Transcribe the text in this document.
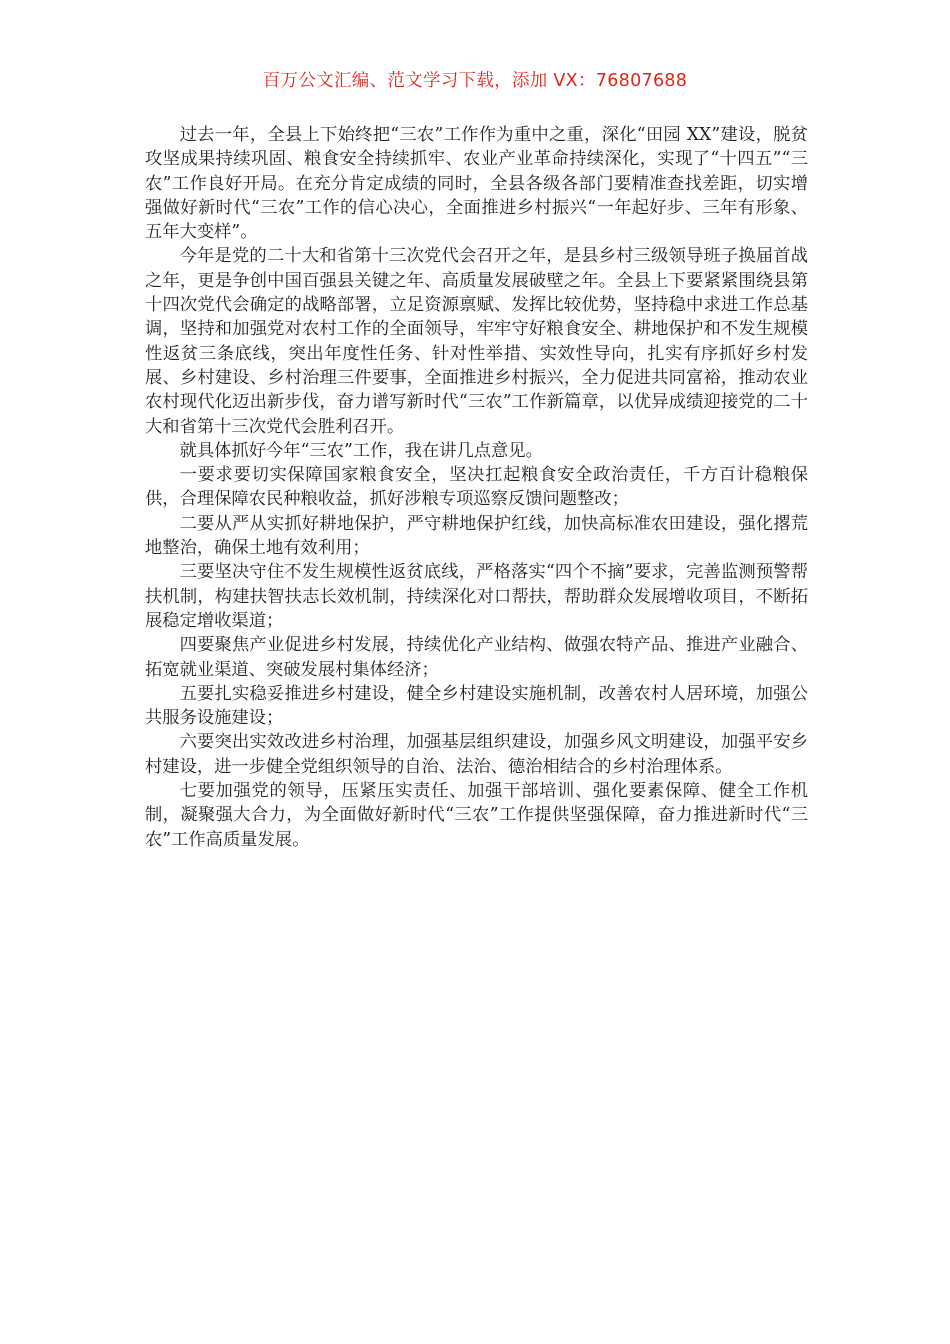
百万公文汇编、范文学习下载，添加 VX：76807688

过去一年，全县上下始终把“三农”工作作为重中之重，深化“田园 XX”建设，脱贫攻坚成果持续巩固、粮食安全持续抓牢、农业产业革命持续深化，实现了“十四五”“三农”工作良好开局。在充分肯定成绩的同时，全县各级各部门要精准查找差距，切实增强做好新时代“三农”工作的信心决心，全面推进乡村振兴“一年起好步、三年有形象、五年大变样”。

今年是党的二十大和省第十三次党代会召开之年，是县乡村三级领导班子换届首战之年，更是争创中国百强县关键之年、高质量发展破壁之年。全县上下要紧紧围绕县第十四次党代会确定的战略部署，立足资源禀赋、发挥比较优势，坚持稳中求进工作总基调，坚持和加强党对农村工作的全面领导，牢牢守好粮食安全、耕地保护和不发生规模性返贫三条底线，突出年度性任务、针对性举措、实效性导向，扎实有序抓好乡村发展、乡村建设、乡村治理三件要事，全面推进乡村振兴，全力促进共同富裕，推动农业农村现代化迈出新步伐，奋力谱写新时代“三农”工作新篇章，以优异成绩迎接党的二十大和省第十三次党代会胜利召开。

就具体抓好今年“三农”工作，我在讲几点意见。

一要求要切实保障国家粮食安全，坚决扛起粮食安全政治责任，千方百计稳粮保供，合理保障农民种粮收益，抓好涉粮专项巡察反馈问题整改；

二要从严从实抓好耕地保护，严守耕地保护红线，加快高标准农田建设，强化撂荒地整治，确保土地有效利用；

三要坚决守住不发生规模性返贫底线，严格落实“四个不摘”要求，完善监测预警帮扶机制，构建扶智扶志长效机制，持续深化对口帮扶，帮助群众发展增收项目，不断拓展稳定增收渠道；

四要聚焦产业促进乡村发展，持续优化产业结构、做强农特产品、推进产业融合、拓宽就业渠道、突破发展村集体经济；

五要扎实稳妥推进乡村建设，健全乡村建设实施机制，改善农村人居环境，加强公共服务设施建设；

六要突出实效改进乡村治理，加强基层组织建设，加强乡风文明建设，加强平安乡村建设，进一步健全党组织领导的自治、法治、德治相结合的乡村治理体系。

七要加强党的领导，压紧压实责任、加强干部培训、强化要素保障、健全工作机制，凝聚强大合力，为全面做好新时代“三农”工作提供坚强保障，奋力推进新时代“三农”工作高质量发展。
